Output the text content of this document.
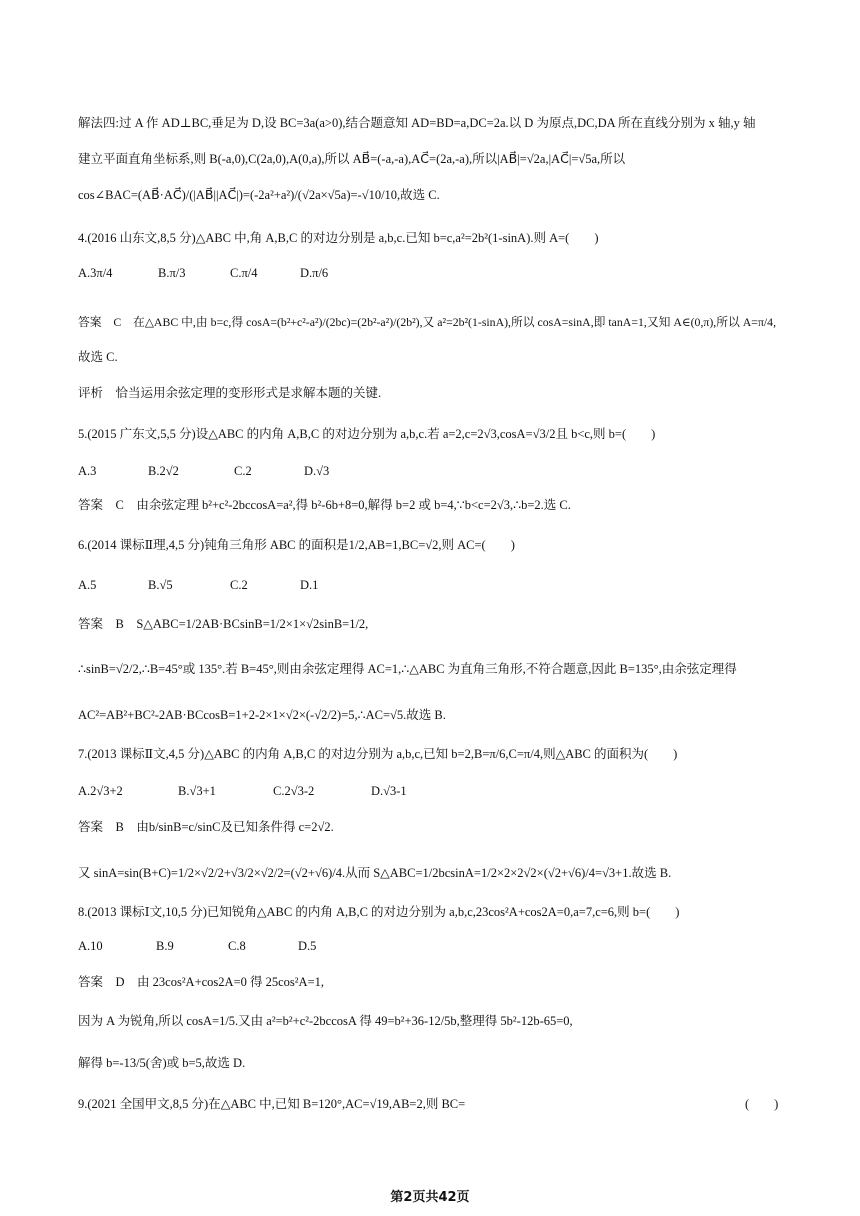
解法四:过 A 作 AD⊥BC,垂足为 D,设 BC=3a(a>0),结合题意知 AD=BD=a,DC=2a.以 D 为原点,DC,DA 所在直线分别为 x 轴,y 轴
建立平面直角坐标系,则 B(-a,0),C(2a,0),A(0,a),所以 AB⃗=(-a,-a),AC⃗=(2a,-a),所以|AB⃗|=√2a,|AC⃗|=√5a,所以
cos∠BAC=(AB⃗·AC⃗)/(|AB⃗||AC⃗|)=(-2a²+a²)/(√2a×√5a)=-√10/10,故选 C.
4.(2016 山东文,8,5 分)△ABC 中,角 A,B,C 的对边分别是 a,b,c.已知 b=c,a²=2b²(1-sinA).则 A=(　　)
A.3π/4	B.π/3	C.π/4	D.π/6
答案　C　在△ABC 中,由 b=c,得 cosA=(b²+c²-a²)/(2bc)=(2b²-a²)/(2b²),又 a²=2b²(1-sinA),所以 cosA=sinA,即 tanA=1,又知 A∈(0,π),所以 A=π/4,
故选 C.
评析　恰当运用余弦定理的变形形式是求解本题的关键.
5.(2015 广东文,5,5 分)设△ABC 的内角 A,B,C 的对边分别为 a,b,c.若 a=2,c=2√3,cosA=√3/2且 b<c,则 b=(　　)
A.3	B.2√2	C.2	D.√3
答案　C　由余弦定理 b²+c²-2bccosA=a²,得 b²-6b+8=0,解得 b=2 或 b=4,∵b<c=2√3,∴b=2.选 C.
6.(2014 课标Ⅱ理,4,5 分)钝角三角形 ABC 的面积是1/2,AB=1,BC=√2,则 AC=(　　)
A.5	B.√5	C.2	D.1
答案　B　S△ABC=1/2AB·BCsinB=1/2×1×√2sinB=1/2,
∴sinB=√2/2,∴B=45°或 135°.若 B=45°,则由余弦定理得 AC=1,∴△ABC 为直角三角形,不符合题意,因此 B=135°,由余弦定理得
AC²=AB²+BC²-2AB·BCcosB=1+2-2×1×√2×(-√2/2)=5,∴AC=√5.故选 B.
7.(2013 课标Ⅱ文,4,5 分)△ABC 的内角 A,B,C 的对边分别为 a,b,c,已知 b=2,B=π/6,C=π/4,则△ABC 的面积为(　　)
A.2√3+2	B.√3+1	C.2√3-2	D.√3-1
答案　B　由b/sinB=c/sinC及已知条件得 c=2√2.
又 sinA=sin(B+C)=1/2×√2/2+√3/2×√2/2=(√2+√6)/4.从而 S△ABC=1/2bcsinA=1/2×2×2√2×(√2+√6)/4=√3+1.故选 B.
8.(2013 课标Ⅰ文,10,5 分)已知锐角△ABC 的内角 A,B,C 的对边分别为 a,b,c,23cos²A+cos2A=0,a=7,c=6,则 b=(　　)
A.10	B.9	C.8	D.5
答案　D　由 23cos²A+cos2A=0 得 25cos²A=1,
因为 A 为锐角,所以 cosA=1/5.又由 a²=b²+c²-2bccosA 得 49=b²+36-12/5b,整理得 5b²-12b-65=0,
解得 b=-13/5(舍)或 b=5,故选 D.
9.(2021 全国甲文,8,5 分)在△ABC 中,已知 B=120°,AC=√19,AB=2,则 BC=	(　　)
第2页共42页
